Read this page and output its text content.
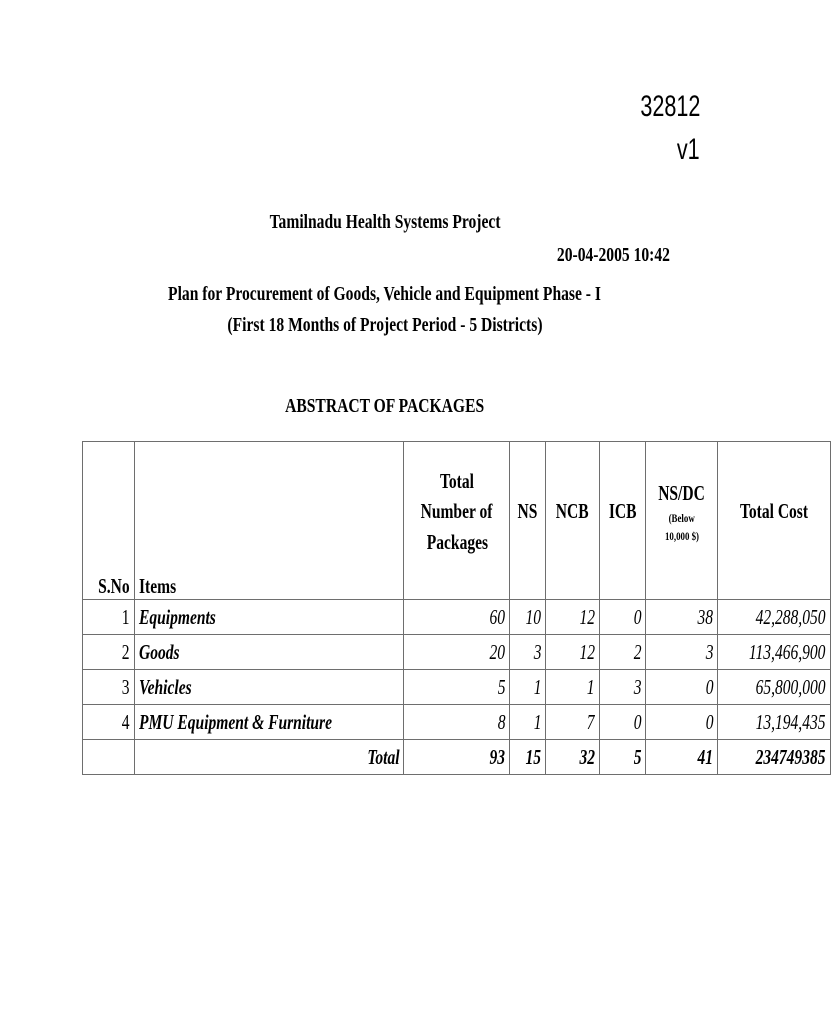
32812
v1
Tamilnadu Health Systems Project
20-04-2005 10:42
Plan for Procurement of Goods, Vehicle and Equipment Phase - I
(First 18 Months of Project Period - 5 Districts)
ABSTRACT OF PACKAGES
S.No	Items	Total
Number of
Packages	NS	NCB	ICB	NS/DC
(Below
10,000 $)	Total Cost
1	Equipments	60	10	12	0	38	42,288,050
2	Goods	20	3	12	2	3	113,466,900
3	Vehicles	5	1	1	3	0	65,800,000
4	PMU Equipment & Furniture	8	1	7	0	0	13,194,435
	Total	93	15	32	5	41	234749385
